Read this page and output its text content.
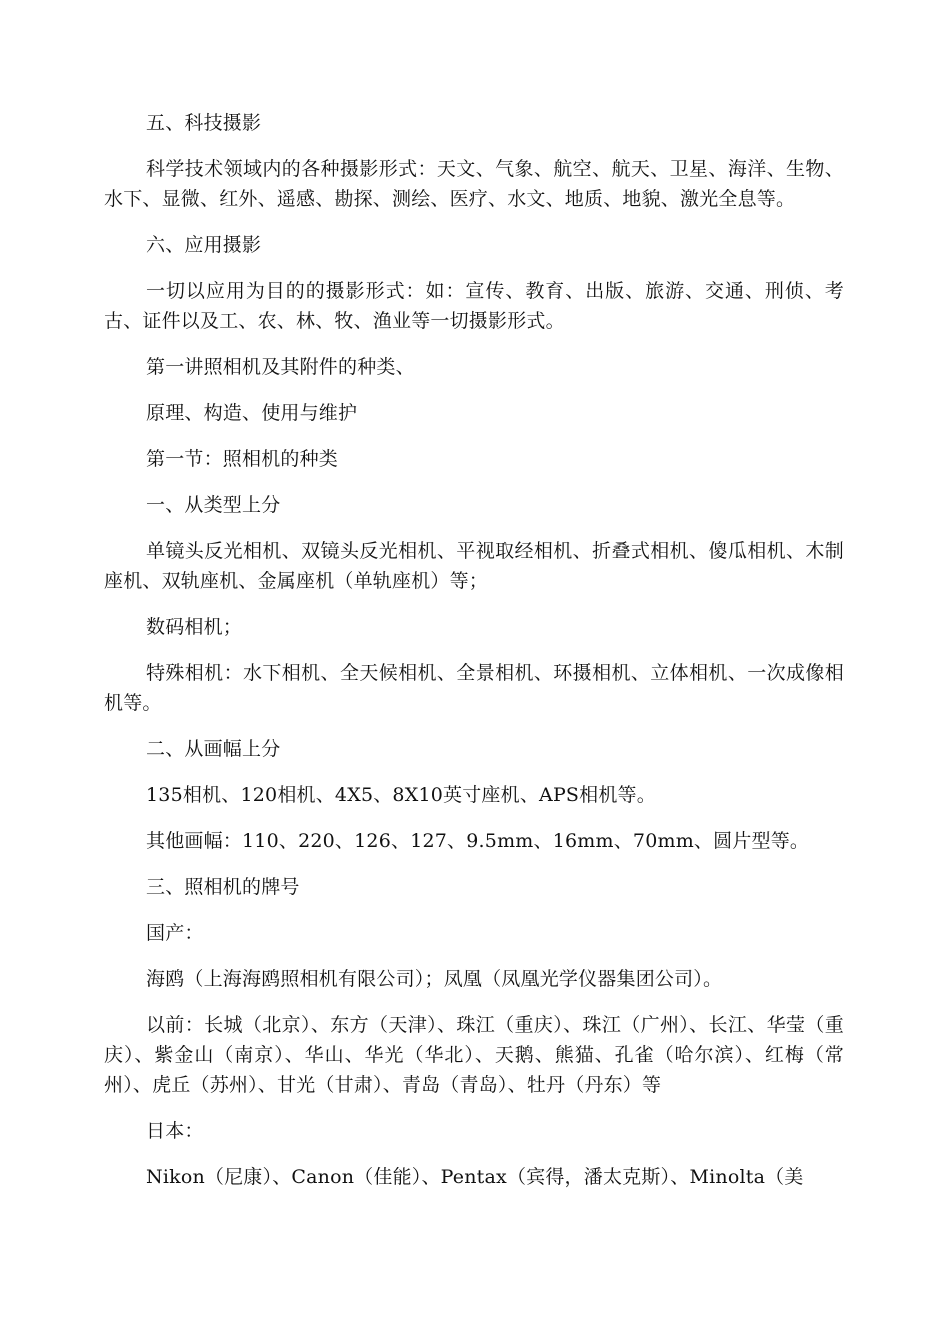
五、科技摄影

科学技术领域内的各种摄影形式：天文、气象、航空、航天、卫星、海洋、生物、水下、显微、红外、遥感、勘探、测绘、医疗、水文、地质、地貌、激光全息等。

六、应用摄影

一切以应用为目的的摄影形式：如：宣传、教育、出版、旅游、交通、刑侦、考古、证件以及工、农、林、牧、渔业等一切摄影形式。

第一讲照相机及其附件的种类、

原理、构造、使用与维护

第一节：照相机的种类

一、从类型上分

单镜头反光相机、双镜头反光相机、平视取经相机、折叠式相机、傻瓜相机、木制座机、双轨座机、金属座机（单轨座机）等；

数码相机；

特殊相机：水下相机、全天候相机、全景相机、环摄相机、立体相机、一次成像相机等。

二、从画幅上分

135相机、120相机、4X5、8X10英寸座机、APS相机等。

其他画幅：110、220、126、127、9.5mm、16mm、70mm、圆片型等。

三、照相机的牌号

国产：

海鸥（上海海鸥照相机有限公司）；凤凰（凤凰光学仪器集团公司）。

以前：长城（北京）、东方（天津）、珠江（重庆）、珠江（广州）、长江、华莹（重庆）、紫金山（南京）、华山、华光（华北）、天鹅、熊猫、孔雀（哈尔滨）、红梅（常州）、虎丘（苏州）、甘光（甘肃）、青岛（青岛）、牡丹（丹东）等

日本：

Nikon（尼康）、Canon（佳能）、Pentax（宾得，潘太克斯）、Minolta（美
